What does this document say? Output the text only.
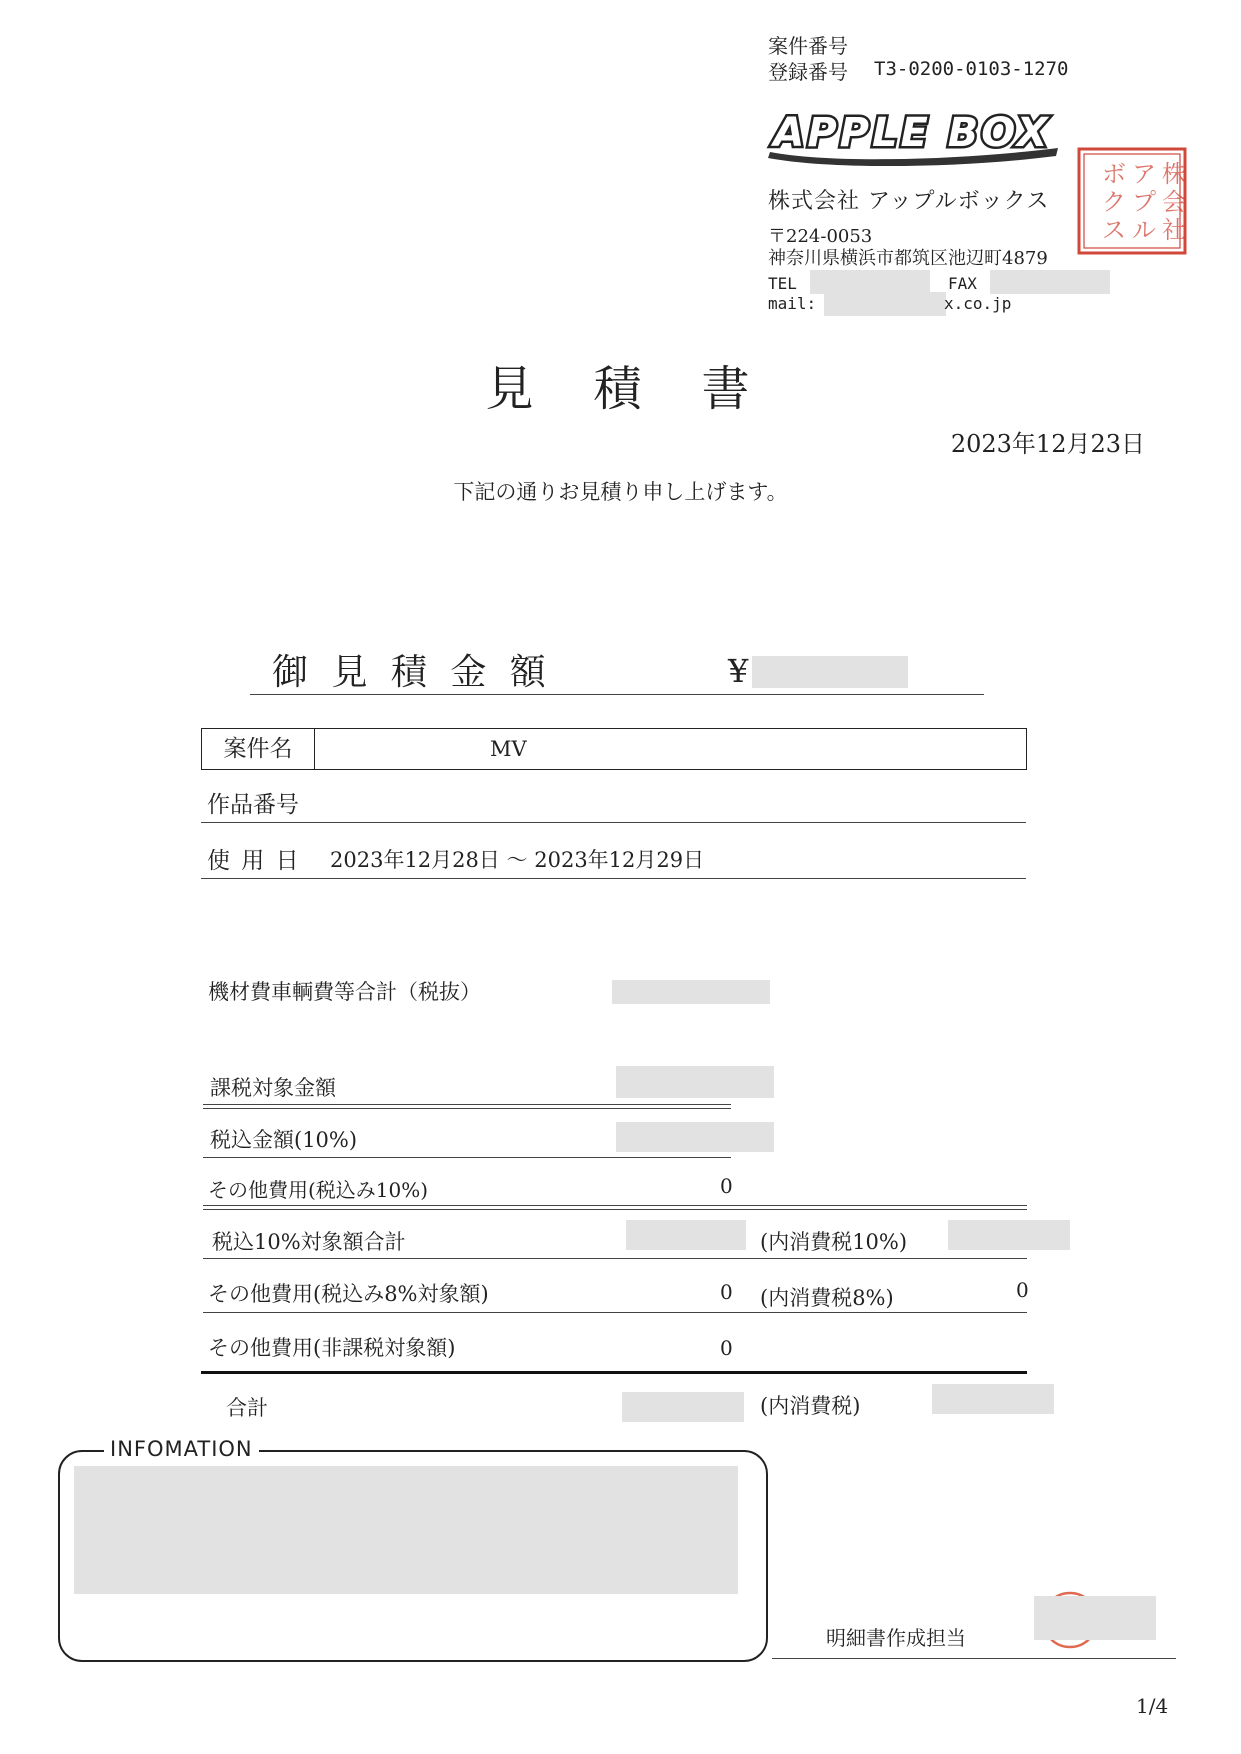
案件番号
登録番号 T3-0200-0103-1270
APPLE BOX
株
会
社
ア
プ
ル
ボ
ク
ス
株式会社 アップルボックス
〒224-0053
神奈川県横浜市都筑区池辺町4879
TEL	FAX
mail:	x.co.jp
見　積　書
2023年12月23日
下記の通りお見積り申し上げます。
御 見 積 金 額	¥
案件名	MV
作品番号
使 用 日 2023年12月28日 ～ 2023年12月29日
機材費車輌費等合計（税抜）
課税対象金額
税込金額(10%)
その他費用(税込み10%)	0
税込10%対象額合計	(内消費税10%)
その他費用(税込み8%対象額)	0 (内消費税8%)	0
その他費用(非課税対象額)	0
合計	(内消費税)
INFOMATION
明細書作成担当
1/4
